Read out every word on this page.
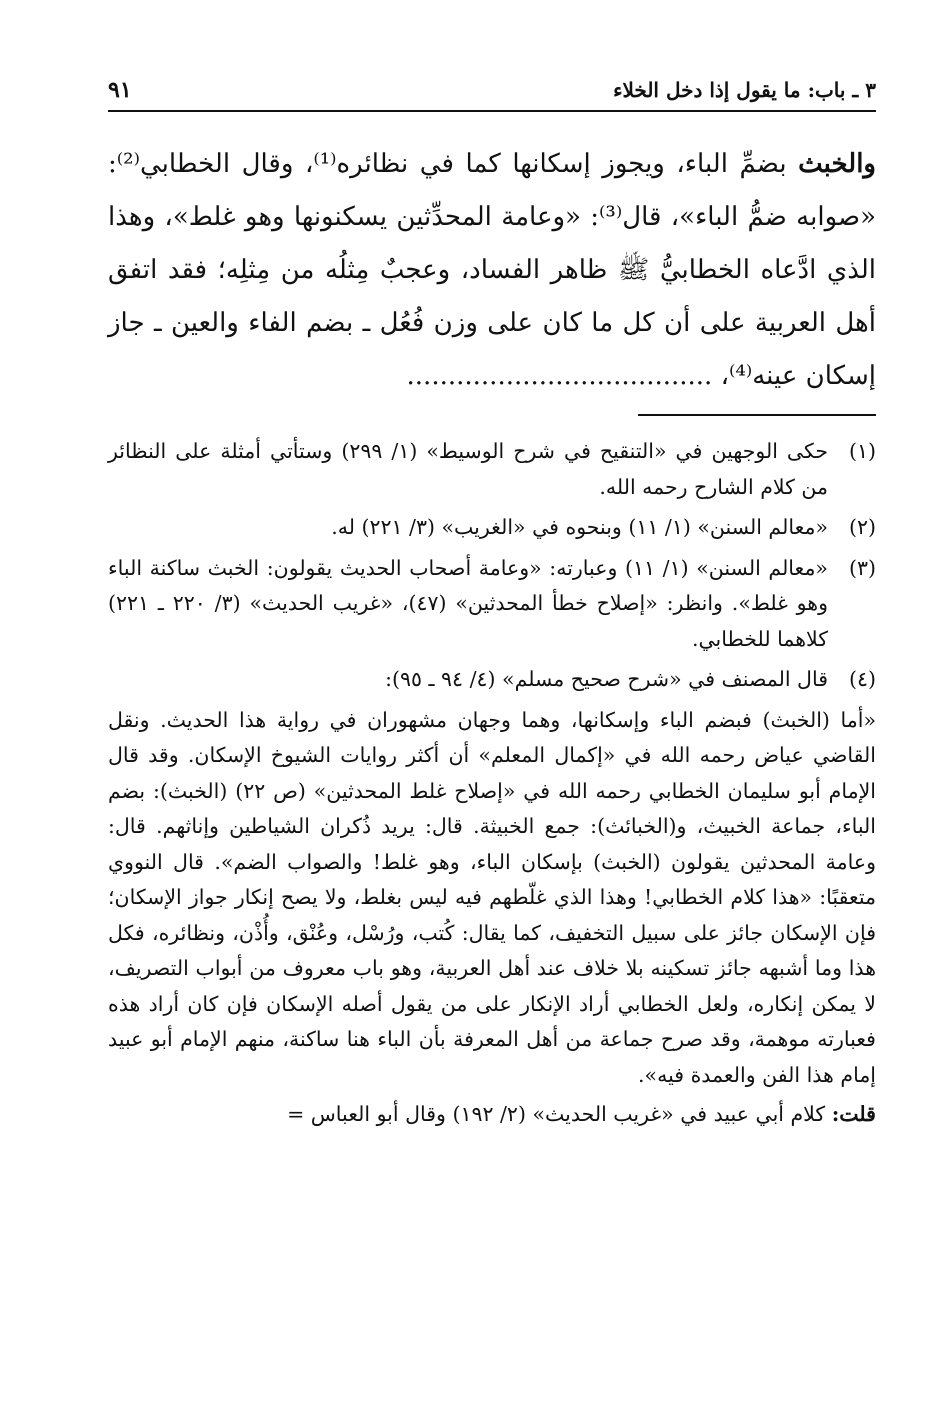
٣ ـ باب: ما يقول إذا دخل الخلاء
٩١

والخبث بضمِّ الباء، ويجوز إسكانها كما في نظائره⁽¹⁾، وقال الخطابي⁽²⁾: «صوابه ضمُّ الباء»، قال⁽³⁾: «وعامة المحدِّثين يسكنونها وهو غلط»، وهذا الذي ادَّعاه الخطابيُّ ﷺ ظاهر الفساد، وعجبٌ مِثلُه من مِثلِه؛ فقد اتفق أهل العربية على أن كل ما كان على وزن فُعُل ـ بضم الفاء والعين ـ جاز إسكان عينه⁽⁴⁾، .....................................

(١)
حكى الوجهين في «التنقيح في شرح الوسيط» (١/ ٢٩٩) وستأتي أمثلة على النظائر من كلام الشارح رحمه الله.
(٢)
«معالم السنن» (١/ ١١) وبنحوه في «الغريب» (٣/ ٢٢١) له.
(٣)
«معالم السنن» (١/ ١١) وعبارته: «وعامة أصحاب الحديث يقولون: الخبث ساكنة الباء وهو غلط». وانظر: «إصلاح خطأ المحدثين» (٤٧)، «غريب الحديث» (٣/ ٢٢٠ ـ ٢٢١) كلاهما للخطابي.
(٤)
قال المصنف في «شرح صحيح مسلم» (٤/ ٩٤ ـ ٩٥):
«أما (الخبث) فبضم الباء وإسكانها، وهما وجهان مشهوران في رواية هذا الحديث. ونقل القاضي عياض رحمه الله في «إكمال المعلم» أن أكثر روايات الشيوخ الإسكان. وقد قال الإمام أبو سليمان الخطابي رحمه الله في «إصلاح غلط المحدثين» (ص ٢٢) (الخبث): بضم الباء، جماعة الخبيث، و(الخبائث): جمع الخبيثة. قال: يريد ذُكران الشياطين وإناثهم. قال: وعامة المحدثين يقولون (الخبث) بإسكان الباء، وهو غلط! والصواب الضم». قال النووي متعقبًا: «هذا كلام الخطابي! وهذا الذي غلّطهم فيه ليس بغلط، ولا يصح إنكار جواز الإسكان؛ فإن الإسكان جائز على سبيل التخفيف، كما يقال: كُتب، ورُسْل، وعُنْق، وأُذْن، ونظائره، فكل هذا وما أشبهه جائز تسكينه بلا خلاف عند أهل العربية، وهو باب معروف من أبواب التصريف، لا يمكن إنكاره، ولعل الخطابي أراد الإنكار على من يقول أصله الإسكان فإن كان أراد هذه فعبارته موهمة، وقد صرح جماعة من أهل المعرفة بأن الباء هنا ساكنة، منهم الإمام أبو عبيد إمام هذا الفن والعمدة فيه».
قلت: كلام أبي عبيد في «غريب الحديث» (٢/ ١٩٢) وقال أبو العباس =
